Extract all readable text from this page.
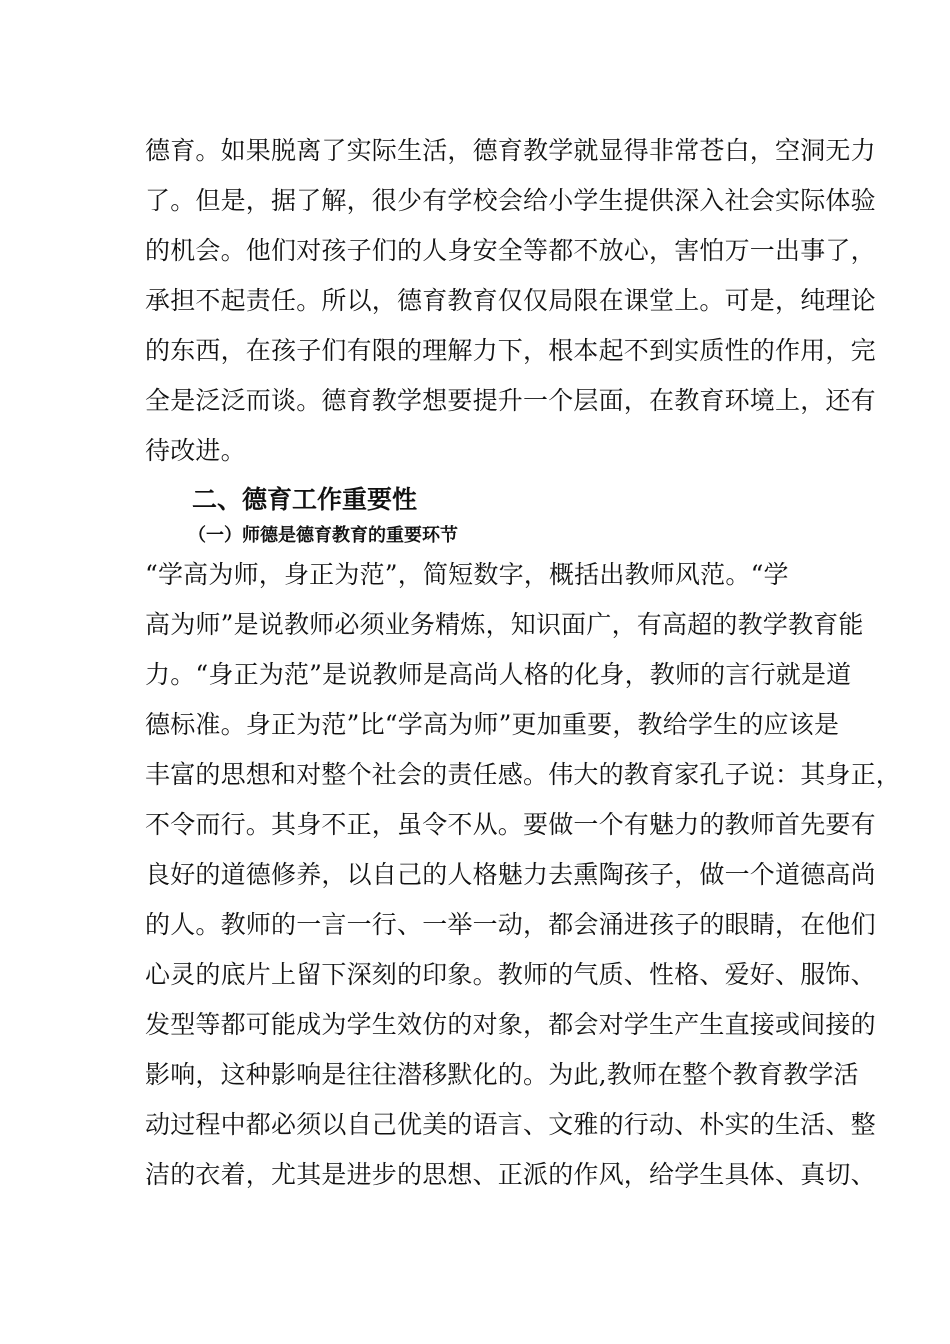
德育。如果脱离了实际生活，德育教学就显得非常苍白，空洞无力
了。但是，据了解，很少有学校会给小学生提供深入社会实际体验
的机会。他们对孩子们的人身安全等都不放心，害怕万一出事了，
承担不起责任。所以，德育教育仅仅局限在课堂上。可是，纯理论
的东西，在孩子们有限的理解力下，根本起不到实质性的作用，完
全是泛泛而谈。德育教学想要提升一个层面，在教育环境上，还有
待改进。
二、德育工作重要性
（一）师德是德育教育的重要环节
“学高为师，身正为范”，简短数字，概括出教师风范。“学
高为师”是说教师必须业务精炼，知识面广，有高超的教学教育能
力。“身正为范”是说教师是高尚人格的化身，教师的言行就是道
德标准。身正为范”比“学高为师”更加重要，教给学生的应该是
丰富的思想和对整个社会的责任感。伟大的教育家孔子说：其身正，
不令而行。其身不正，虽令不从。要做一个有魅力的教师首先要有
良好的道德修养，以自己的人格魅力去熏陶孩子，做一个道德高尚
的人。教师的一言一行、一举一动，都会涌进孩子的眼睛，在他们
心灵的底片上留下深刻的印象。教师的气质、性格、爱好、服饰、
发型等都可能成为学生效仿的对象，都会对学生产生直接或间接的
影响，这种影响是往往潜移默化的。为此,教师在整个教育教学活
动过程中都必须以自己优美的语言、文雅的行动、朴实的生活、整
洁的衣着，尤其是进步的思想、正派的作风，给学生具体、真切、
